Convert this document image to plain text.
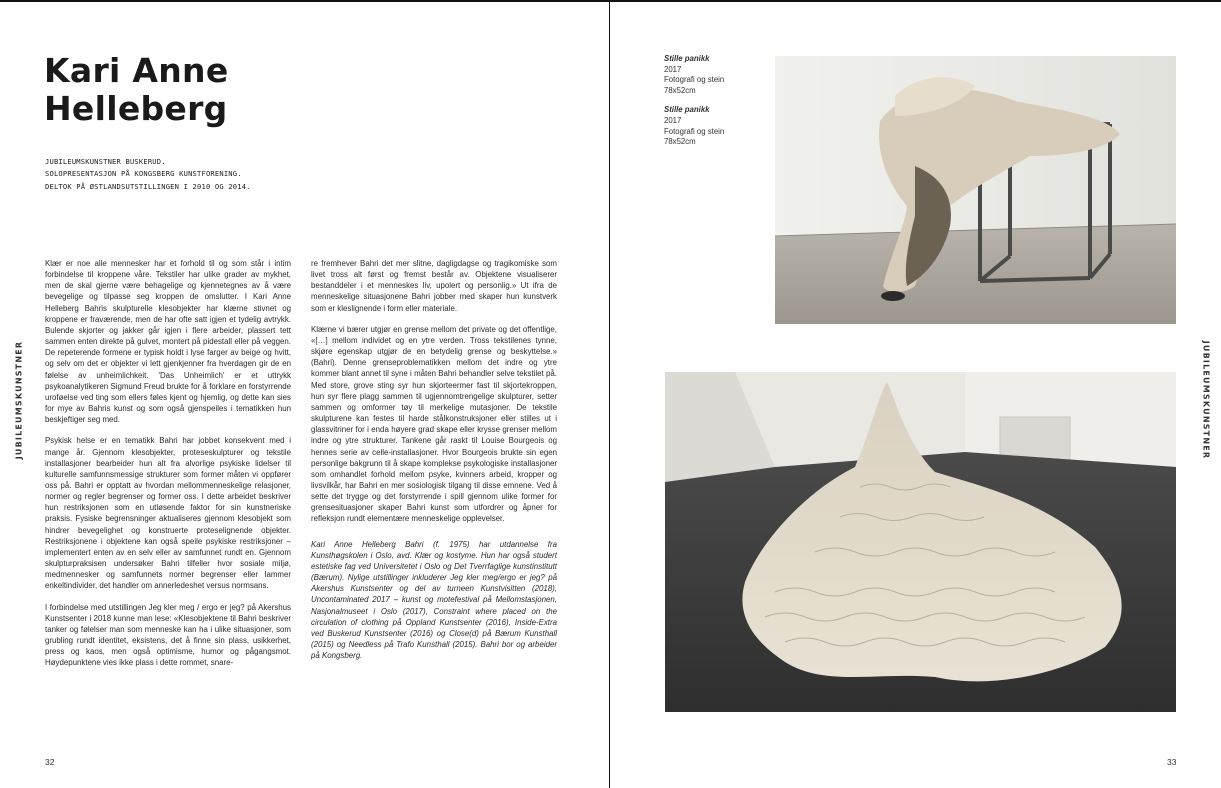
Kari Anne
Helleberg
JUBILEUMSKUNSTNER BUSKERUD.
SOLOPRESENTASJON PÅ KONGSBERG KUNSTFORENING.
DELTOK PÅ ØSTLANDSUTSTILLINGEN I 2010 OG 2014.
JUBILEUMSKUNSTNER

Klær er noe alle mennesker har et forhold til og som står i intim forbindelse til kroppene våre. Tekstiler har ulike grader av mykhet, men de skal gjerne være behagelige og kjennetegnes av å være bevegelige og tilpasse seg kroppen de omslutter. I Kari Anne Helleberg Bahris skulpturelle klesobjekter har klærne stivnet og kroppene er fraværende, men de har ofte satt igjen et tydelig avtrykk. Bulende skjorter og jakker går igjen i flere arbeider, plassert tett sammen enten direkte på gulvet, montert på pidestall eller på veggen. De repeterende formene er typisk holdt i lyse farger av beige og hvitt, og selv om det er objekter vi lett gjenkjenner fra hverdagen gir de en følelse av unheimlichkeit. 'Das Unheimlich' er et uttrykk psykoanalytikeren Sigmund Freud brukte for å forklare en forstyrrende uroføelse ved ting som ellers føles kjent og hjemlig, og dette kan sies for mye av Bahris kunst og som også gjenspeiles i tematikken hun beskjeftiger seg med.

Psykisk helse er en tematikk Bahri har jobbet konsekvent med i mange år. Gjennom klesobjekter, proteseskulpturer og tekstile installasjoner bearbeider hun alt fra alvorlige psykiske lidelser til kulturelle samfunnsmessige strukturer som former måten vi oppfører oss på. Bahri er opptatt av hvordan mellommenneskelige relasjoner, normer og regler begrenser og former oss. I dette arbeidet beskriver hun restriksjonen som en utløsende faktor for sin kunstneriske praksis. Fysiske begrensninger aktualiseres gjennom klesobjekt som hindrer bevegelighet og konstruerte proteselignende objekter. Restriksjonene i objektene kan også speile psykiske restriksjoner – implementert enten av en selv eller av samfunnet rundt en. Gjennom skulpturpraksisen undersøker Bahri tilfeller hvor sosiale miljø, medmennesker og samfunnets normer begrenser eller lammer enkeltindivider, det handler om annerledeshet versus normsans.

I forbindelse med utstillingen Jeg kler meg / ergo er jeg? på Akershus Kunstsenter i 2018 kunne man lese: «Klesobjektene til Bahri beskriver tanker og følelser man som menneske kan ha i ulike situasjoner, som grubling rundt identitet, eksistens, det å finne sin plass, usikkerhet, press og kaos, men også optimisme, humor og pågangsmot. Høydepunktene vies ikke plass i dette rommet, snare-

re fremhever Bahri det mer slitne, dagligdagse og tragikomiske som livet tross alt først og fremst består av. Objektene visualiserer bestanddeler i et menneskes liv, upolert og personlig.» Ut ifra de menneskelige situasjonene Bahri jobber med skaper hun kunstverk som er kleslignende i form eller materiale.

Klærne vi bærer utgjør en grense mellom det private og det offentlige, «[…] mellom individet og en ytre verden. Tross tekstilenes tynne, skjøre egenskap utgjør de en betydelig grense og beskyttelse.» (Bahri). Denne grenseproblematikken mellom det indre og ytre kommer blant annet til syne i måten Bahri behandler selve tekstilet på. Med store, grove sting syr hun skjorteermer fast til skjortekroppen, hun syr flere plagg sammen til ugjennomtrengelige skulpturer, setter sammen og omformer tøy til merkelige mutasjoner. De tekstile skulpturene kan festes til harde stålkonstruksjoner eller stilles ut i glassvitriner for i enda høyere grad skape eller krysse grenser mellom indre og ytre strukturer. Tankene går raskt til Louise Bourgeois og hennes serie av celle-installasjoner. Hvor Bourgeois brukte sin egen personlige bakgrunn til å skape komplekse psykologiske installasjoner som omhandlet forhold mellom psyke, kvinners arbeid, kropper og livsvilkår, har Bahri en mer sosiologisk tilgang til disse emnene. Ved å sette det trygge og det forstyrrende i spill gjennom ulike former for grensesituasjoner skaper Bahri kunst som utfordrer og åpner for refleksjon rundt elementære menneskelige opplevelser.

Kari Anne Helleberg Bahri (f. 1975) har utdannelse fra Kunsthøgskolen i Oslo, avd. Klær og kostyme. Hun har også studert estetiske fag ved Universitetet i Oslo og Det Tverrfaglige kunstinstitutt (Bærum). Nylige utstillinger inkluderer Jeg kler meg/ergo er jeg? på Akershus Kunstsenter og del av turneen Kunstvisitten (2018), Uncontaminated 2017 – kunst og motefestival på Mellomstasjonen, Nasjonalmuseet i Oslo (2017), Constraint where placed on the circulation of clothing på Oppland Kunstsenter (2016), Inside-Extra ved Buskerud Kunstsenter (2016) og Close(d) på Bærum Kunsthall (2015) og Needless på Trafo Kunsthall (2015). Bahri bor og arbeider på Kongsberg.

32
Stille panikk
2017
Fotografi og stein
78x52cm
Stille panikk
2017
Fotografi og stein
78x52cm
JUBILEUMSKUNSTNER
33
